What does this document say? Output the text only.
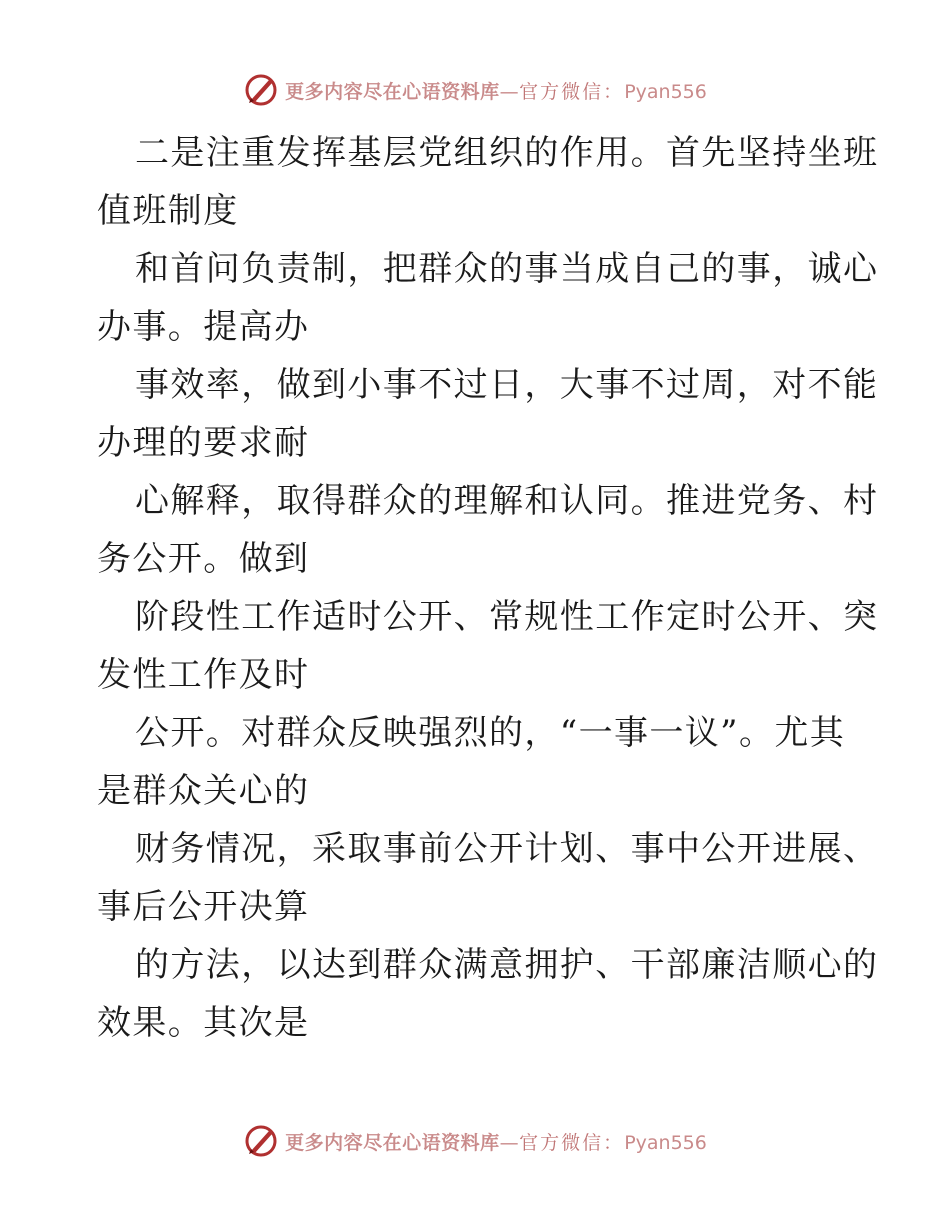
更多内容尽在心语资料库—官方微信：Pyan556
二是注重发挥基层党组织的作用。首先坚持坐班
值班制度
和首问负责制，把群众的事当成自己的事，诚心
办事。提高办
事效率，做到小事不过日，大事不过周，对不能
办理的要求耐
心解释，取得群众的理解和认同。推进党务、村
务公开。做到
阶段性工作适时公开、常规性工作定时公开、突
发性工作及时
公开。对群众反映强烈的，“一事一议”。尤其
是群众关心的
财务情况，采取事前公开计划、事中公开进展、
事后公开决算
的方法，以达到群众满意拥护、干部廉洁顺心的
效果。其次是
更多内容尽在心语资料库—官方微信：Pyan556
